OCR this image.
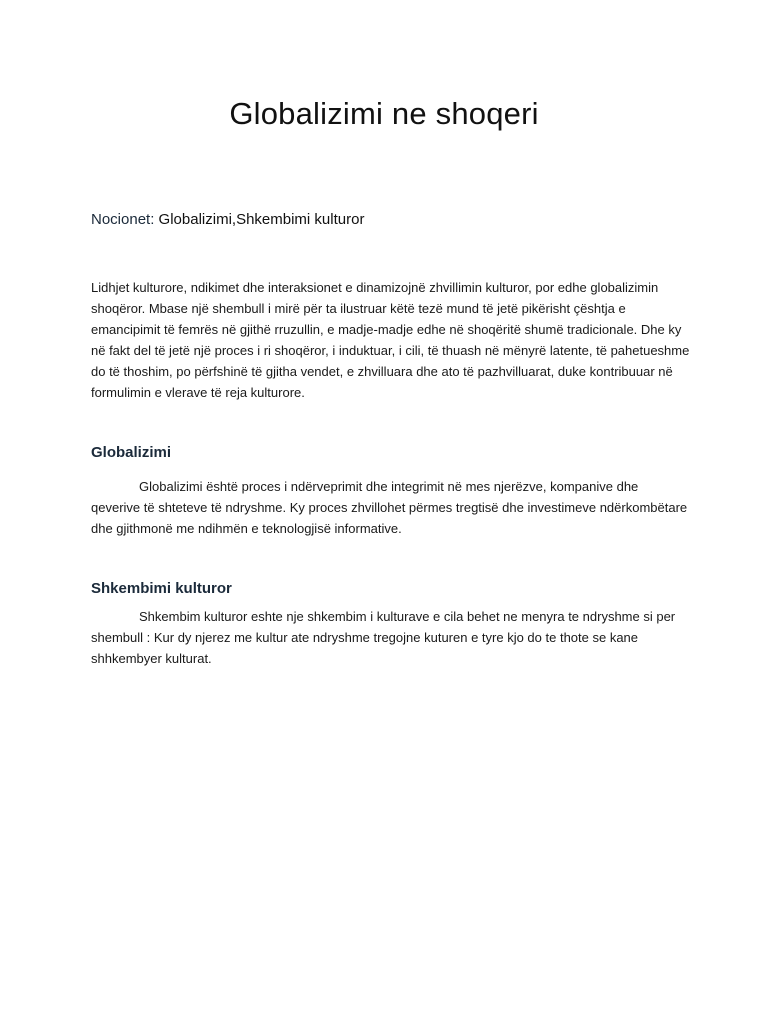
Globalizimi ne shoqeri

Nocionet: Globalizimi,Shkembimi kulturor

Lidhjet kulturore, ndikimet dhe interaksionet e dinamizojnë zhvillimin kulturor, por edhe globalizimin shoqëror. Mbase një shembull i mirë për ta ilustruar këtë tezë mund të jetë pikërisht çështja e emancipimit të femrës në gjithë rruzullin, e madje-madje edhe në shoqëritë shumë tradicionale. Dhe ky në fakt del të jetë një proces i ri shoqëror, i induktuar, i cili, të thuash në mënyrë latente, të pahetueshme do të thoshim, po përfshinë të gjitha vendet, e zhvilluara dhe ato të pazhvilluarat, duke kontribuuar në formulimin e vlerave të reja kulturore.

Globalizimi

Globalizimi është proces i ndërveprimit dhe integrimit në mes njerëzve, kompanive dhe qeverive të shteteve të ndryshme. Ky proces zhvillohet përmes tregtisë dhe investimeve ndërkombëtare dhe gjithmonë me ndihmën e teknologjisë informative.

Shkembimi kulturor

Shkembim kulturor eshte nje shkembim i kulturave e cila behet ne menyra te ndryshme si per shembull : Kur dy njerez me kultur ate ndryshme tregojne kuturen e tyre kjo do te thote se kane shhkembyer kulturat.
